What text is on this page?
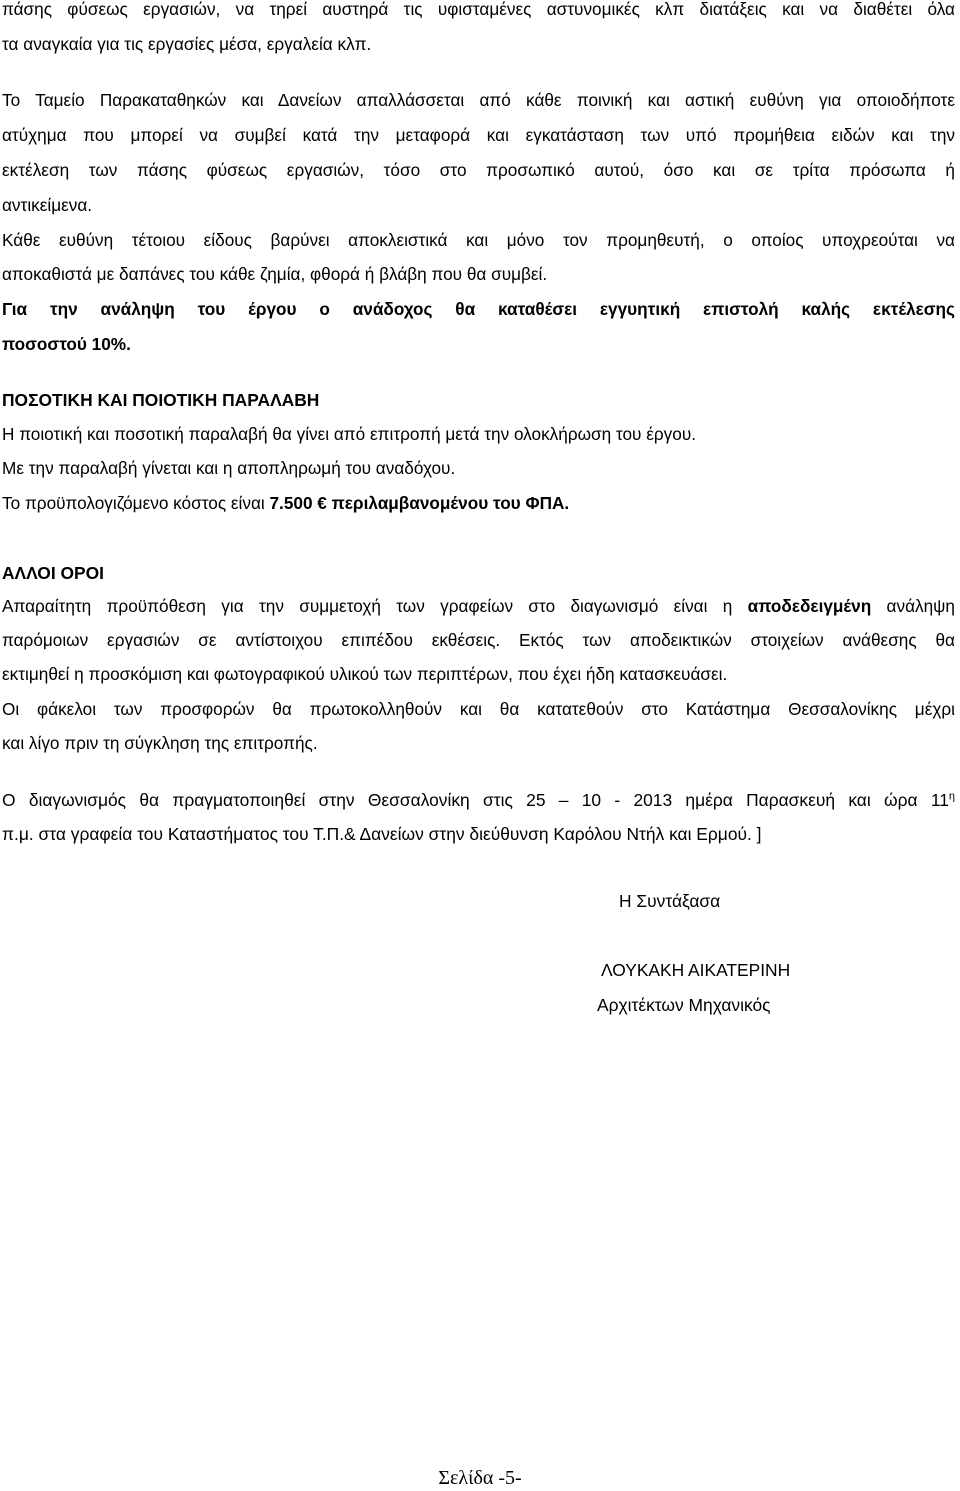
πάσης φύσεως εργασιών, να τηρεί αυστηρά τις υφισταμένες αστυνομικές κλπ διατάξεις και να διαθέτει όλα
τα αναγκαία για τις εργασίες μέσα, εργαλεία κλπ.
Το Ταμείο Παρακαταθηκών και Δανείων απαλλάσσεται από κάθε ποινική και αστική ευθύνη για οποιοδήποτε
ατύχημα που μπορεί να συμβεί κατά την μεταφορά και εγκατάσταση των υπό προμήθεια ειδών και την
εκτέλεση των πάσης φύσεως εργασιών, τόσο στο προσωπικό αυτού, όσο και σε τρίτα πρόσωπα ή
αντικείμενα.
Κάθε ευθύνη τέτοιου είδους βαρύνει αποκλειστικά και μόνο τον προμηθευτή, ο οποίος υποχρεούται να
αποκαθιστά με δαπάνες του κάθε ζημία, φθορά ή βλάβη που θα συμβεί.
Για την ανάληψη του έργου ο ανάδοχος θα καταθέσει εγγυητική επιστολή καλής εκτέλεσης
ποσοστού 10%.
ΠΟΣΟΤΙΚΗ ΚΑΙ ΠΟΙΟΤΙΚΗ ΠΑΡΑΛΑΒΗ
Η ποιοτική και ποσοτική παραλαβή θα γίνει από επιτροπή μετά την ολοκλήρωση του έργου.
Με την παραλαβή γίνεται και η αποπληρωμή του αναδόχου.
Το προϋπολογιζόμενο κόστος είναι 7.500 € περιλαμβανομένου του ΦΠΑ.
ΑΛΛΟΙ ΟΡΟΙ
Απαραίτητη προϋπόθεση για την συμμετοχή των γραφείων στο διαγωνισμό είναι η αποδεδειγμένη ανάληψη
παρόμοιων εργασιών σε αντίστοιχου επιπέδου εκθέσεις. Εκτός των αποδεικτικών στοιχείων ανάθεσης θα
εκτιμηθεί η προσκόμιση και φωτογραφικού υλικού των περιπτέρων, που έχει ήδη κατασκευάσει.
Οι φάκελοι των προσφορών θα πρωτοκολληθούν και θα κατατεθούν στο Κατάστημα Θεσσαλονίκης μέχρι
και λίγο πριν τη σύγκληση της επιτροπής.
Ο διαγωνισμός θα πραγματοποιηθεί στην Θεσσαλονίκη στις 25 – 10 - 2013 ημέρα Παρασκευή και ώρα $11^\eta$
π.μ. στα γραφεία του Καταστήματος του Τ.Π.& Δανείων στην διεύθυνση Καρόλου Ντήλ και Ερμού. ]
Η Συντάξασα
ΛΟΥΚΑΚΗ ΑΙΚΑΤΕΡΙΝΗ
Αρχιτέκτων Μηχανικός
Σελίδα -5-
